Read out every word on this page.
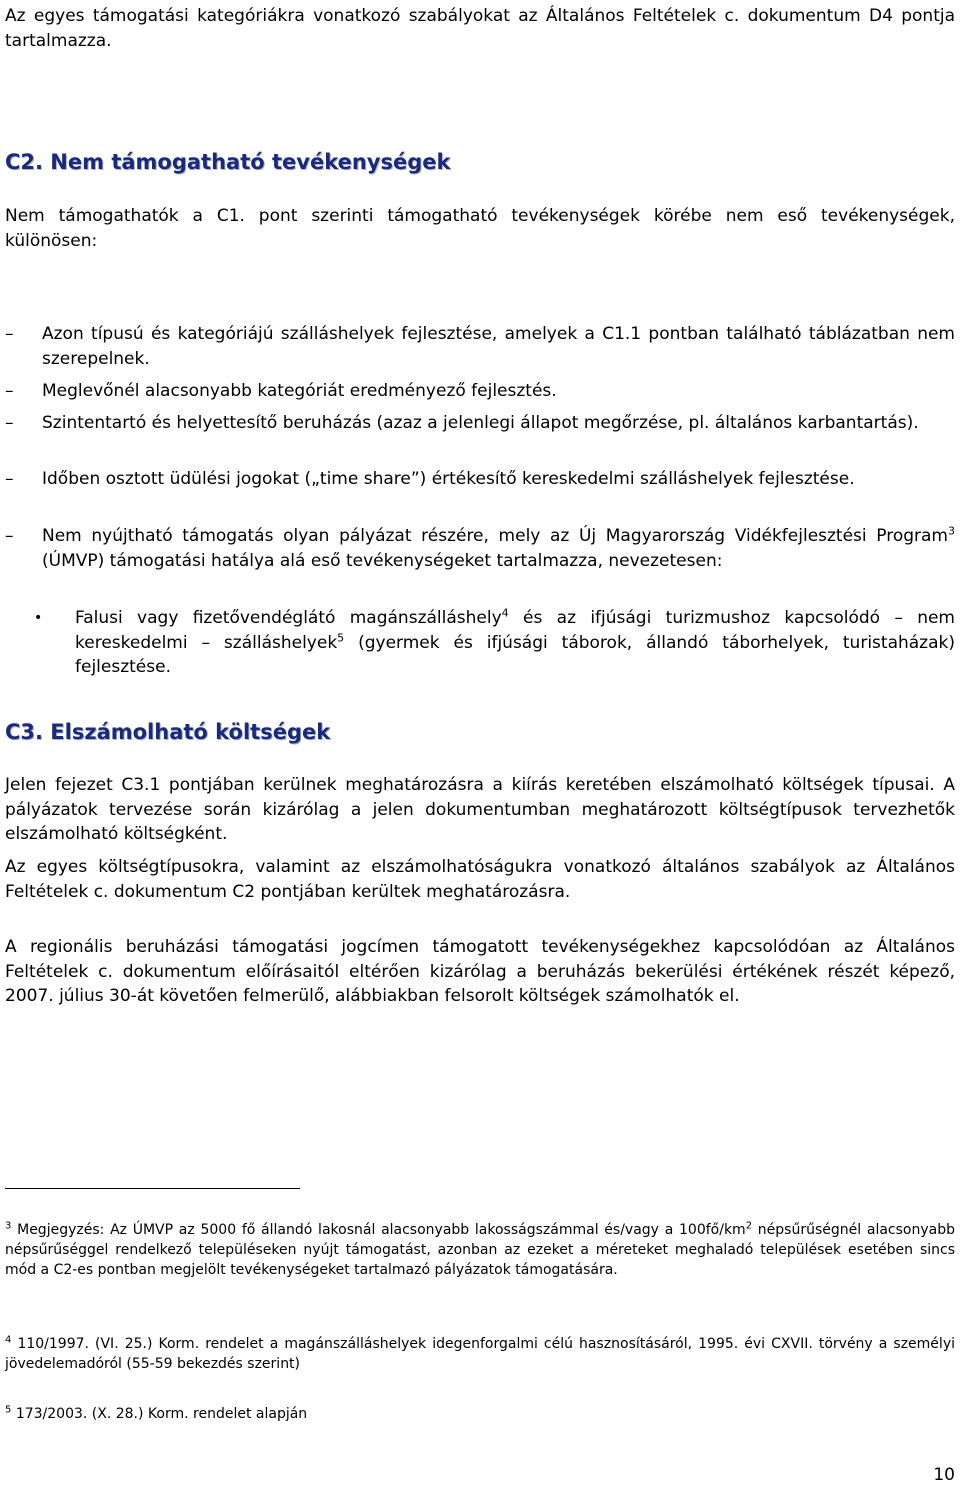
Az egyes támogatási kategóriákra vonatkozó szabályokat az Általános Feltételek c. dokumentum D4 pontja tartalmazza.

C2. Nem támogatható tevékenységek

Nem támogathatók a C1. pont szerinti támogatható tevékenységek körébe nem eső tevékenységek, különösen:

– Azon típusú és kategóriájú szálláshelyek fejlesztése, amelyek a C1.1 pontban található táblázatban nem szerepelnek.
– Meglevőnél alacsonyabb kategóriát eredményező fejlesztés.
– Szintentartó és helyettesítő beruházás (azaz a jelenlegi állapot megőrzése, pl. általános karbantartás).
– Időben osztott üdülési jogokat („time share”) értékesítő kereskedelmi szálláshelyek fejlesztése.
– Nem nyújtható támogatás olyan pályázat részére, mely az Új Magyarország Vidékfejlesztési Program$^3$ (ÚMVP) támogatási hatálya alá eső tevékenységeket tartalmazza, nevezetesen:
• Falusi vagy fizetővendéglátó magánszálláshely$^4$ és az ifjúsági turizmushoz kapcsolódó – nem kereskedelmi – szálláshelyek$^5$ (gyermek és ifjúsági táborok, állandó táborhelyek, turistaházak) fejlesztése.
C3. Elszámolható költségek

Jelen fejezet C3.1 pontjában kerülnek meghatározásra a kiírás keretében elszámolható költségek típusai. A pályázatok tervezése során kizárólag a jelen dokumentumban meghatározott költségtípusok tervezhetők elszámolható költségként.

Az egyes költségtípusokra, valamint az elszámolhatóságukra vonatkozó általános szabályok az Általános Feltételek c. dokumentum C2 pontjában kerültek meghatározásra.

A regionális beruházási támogatási jogcímen támogatott tevékenységekhez kapcsolódóan az Általános Feltételek c. dokumentum előírásaitól eltérően kizárólag a beruházás bekerülési értékének részét képező, 2007. július 30-át követően felmerülő, alábbiakban felsorolt költségek számolhatók el.

$^3$ Megjegyzés: Az ÚMVP az 5000 fő állandó lakosnál alacsonyabb lakosságszámmal és/vagy a $100fő/km^2$ népsűrűségnél alacsonyabb népsűrűséggel rendelkező településeken nyújt támogatást, azonban az ezeket a méreteket meghaladó települések esetében sincs mód a C2-es pontban megjelölt tevékenységeket tartalmazó pályázatok támogatására.

$^4$ 110/1997. (VI. 25.) Korm. rendelet a magánszálláshelyek idegenforgalmi célú hasznosításáról, 1995. évi CXVII. törvény a személyi jövedelemadóról (55-59 bekezdés szerint)

$^5$ 173/2003. (X. 28.) Korm. rendelet alapján

10
